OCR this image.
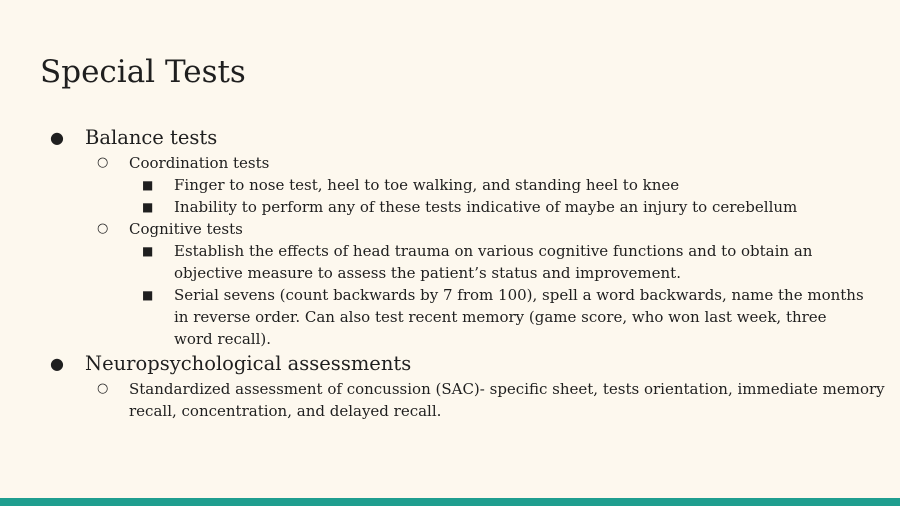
Special Tests
● Balance tests
○ Coordination tests
■ Finger to nose test, heel to toe walking, and standing heel to knee
■ Inability to perform any of these tests indicative of maybe an injury to cerebellum
○ Cognitive tests
■ Establish the effects of head trauma on various cognitive functions and to obtain an objective measure to assess the patient’s status and improvement.
■ Serial sevens (count backwards by 7 from 100), spell a word backwards, name the months in reverse order. Can also test recent memory (game score, who won last week, three word recall).
● Neuropsychological assessments
○ Standardized assessment of concussion (SAC)- specific sheet, tests orientation, immediate memory recall, concentration, and delayed recall.
